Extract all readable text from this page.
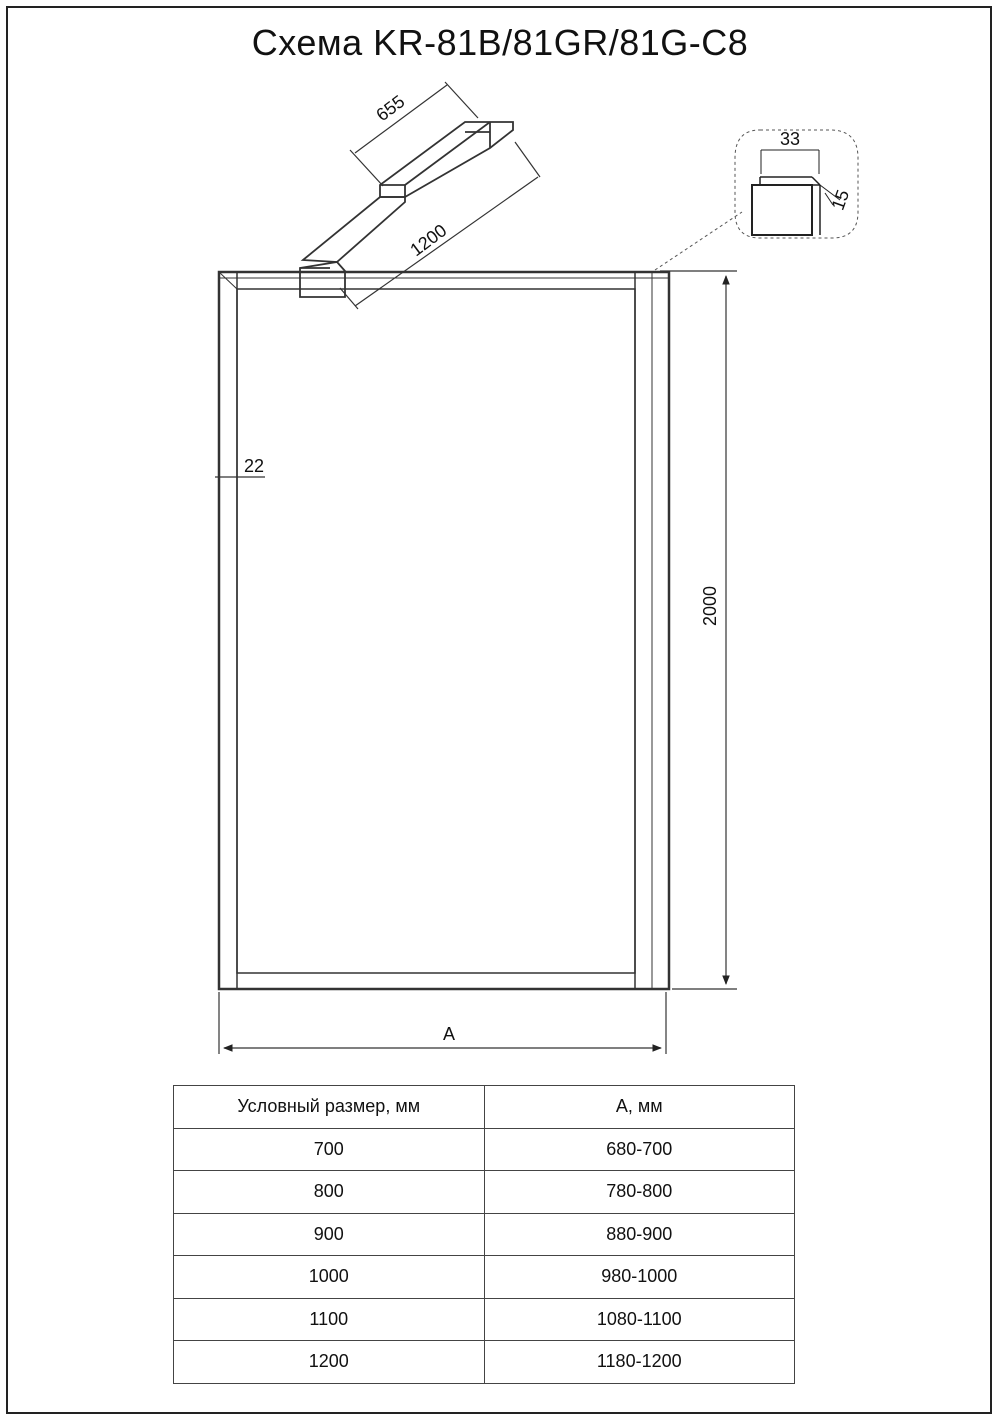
Схема KR-81B/81GR/81G-C8
655
1200
33
15
22
2000
A
Условный размер, мм	A, мм
700	680-700
800	780-800
900	880-900
1000	980-1000
1100	1080-1100
1200	1180-1200
